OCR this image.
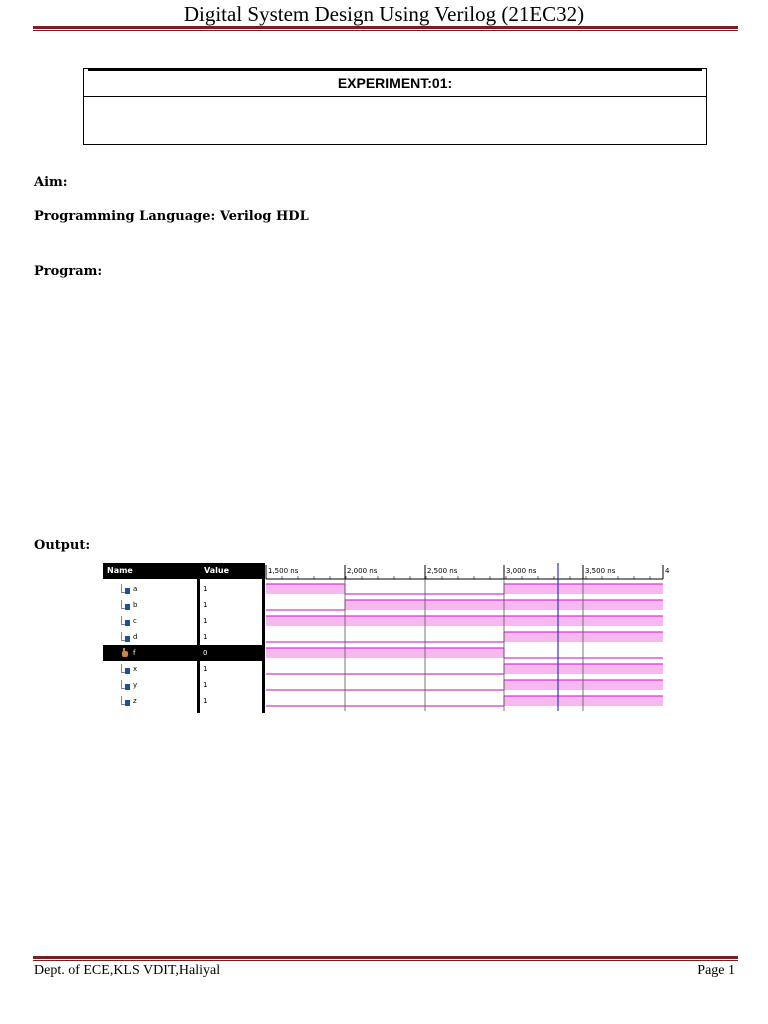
Digital System Design Using Verilog (21EC32)
EXPERIMENT:01:
Aim:
Programming Language: Verilog HDL
Program:
Output:
Name	Value
a	1
b	1
c	1
d	1
f	0
x	1
y	1
z	1
1,500 ns	2,000 ns	2,500 ns	3,000 ns	3,500 ns	4
Dept. of ECE,KLS VDIT,Haliyal	Page 1
